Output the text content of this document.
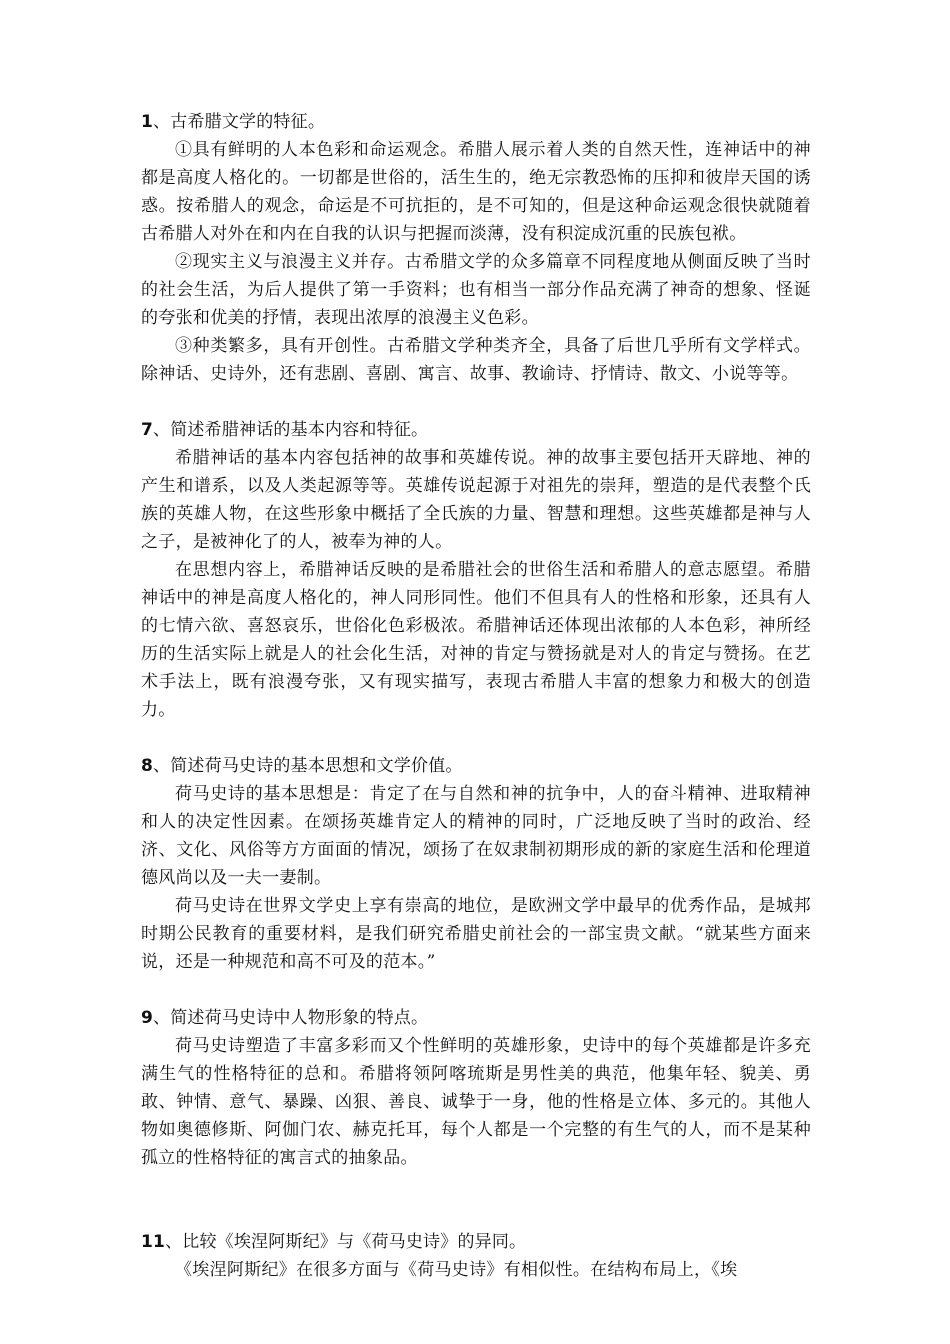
1、古希腊文学的特征。

①具有鲜明的人本色彩和命运观念。希腊人展示着人类的自然天性，连神话中的神都是高度人格化的。一切都是世俗的，活生生的，绝无宗教恐怖的压抑和彼岸天国的诱惑。按希腊人的观念，命运是不可抗拒的，是不可知的，但是这种命运观念很快就随着古希腊人对外在和内在自我的认识与把握而淡薄，没有积淀成沉重的民族包袱。

②现实主义与浪漫主义并存。古希腊文学的众多篇章不同程度地从侧面反映了当时的社会生活，为后人提供了第一手资料；也有相当一部分作品充满了神奇的想象、怪诞的夸张和优美的抒情，表现出浓厚的浪漫主义色彩。

③种类繁多，具有开创性。古希腊文学种类齐全，具备了后世几乎所有文学样式。除神话、史诗外，还有悲剧、喜剧、寓言、故事、教谕诗、抒情诗、散文、小说等等。

7、简述希腊神话的基本内容和特征。

希腊神话的基本内容包括神的故事和英雄传说。神的故事主要包括开天辟地、神的产生和谱系，以及人类起源等等。英雄传说起源于对祖先的崇拜，塑造的是代表整个氏族的英雄人物，在这些形象中概括了全氏族的力量、智慧和理想。这些英雄都是神与人之子，是被神化了的人，被奉为神的人。

在思想内容上，希腊神话反映的是希腊社会的世俗生活和希腊人的意志愿望。希腊神话中的神是高度人格化的，神人同形同性。他们不但具有人的性格和形象，还具有人的七情六欲、喜怒哀乐，世俗化色彩极浓。希腊神话还体现出浓郁的人本色彩，神所经历的生活实际上就是人的社会化生活，对神的肯定与赞扬就是对人的肯定与赞扬。在艺术手法上，既有浪漫夸张，又有现实描写，表现古希腊人丰富的想象力和极大的创造力。

8、简述荷马史诗的基本思想和文学价值。

荷马史诗的基本思想是：肯定了在与自然和神的抗争中，人的奋斗精神、进取精神和人的决定性因素。在颂扬英雄肯定人的精神的同时，广泛地反映了当时的政治、经济、文化、风俗等方方面面的情况，颂扬了在奴隶制初期形成的新的家庭生活和伦理道德风尚以及一夫一妻制。

荷马史诗在世界文学史上享有崇高的地位，是欧洲文学中最早的优秀作品，是城邦时期公民教育的重要材料，是我们研究希腊史前社会的一部宝贵文献。“就某些方面来说，还是一种规范和高不可及的范本。”

9、简述荷马史诗中人物形象的特点。

荷马史诗塑造了丰富多彩而又个性鲜明的英雄形象，史诗中的每个英雄都是许多充满生气的性格特征的总和。希腊将领阿喀琉斯是男性美的典范，他集年轻、貌美、勇敢、钟情、意气、暴躁、凶狠、善良、诚挚于一身，他的性格是立体、多元的。其他人物如奥德修斯、阿伽门农、赫克托耳，每个人都是一个完整的有生气的人，而不是某种孤立的性格特征的寓言式的抽象品。

11、比较《埃涅阿斯纪》与《荷马史诗》的异同。

《埃涅阿斯纪》在很多方面与《荷马史诗》有相似性。在结构布局上，《埃
